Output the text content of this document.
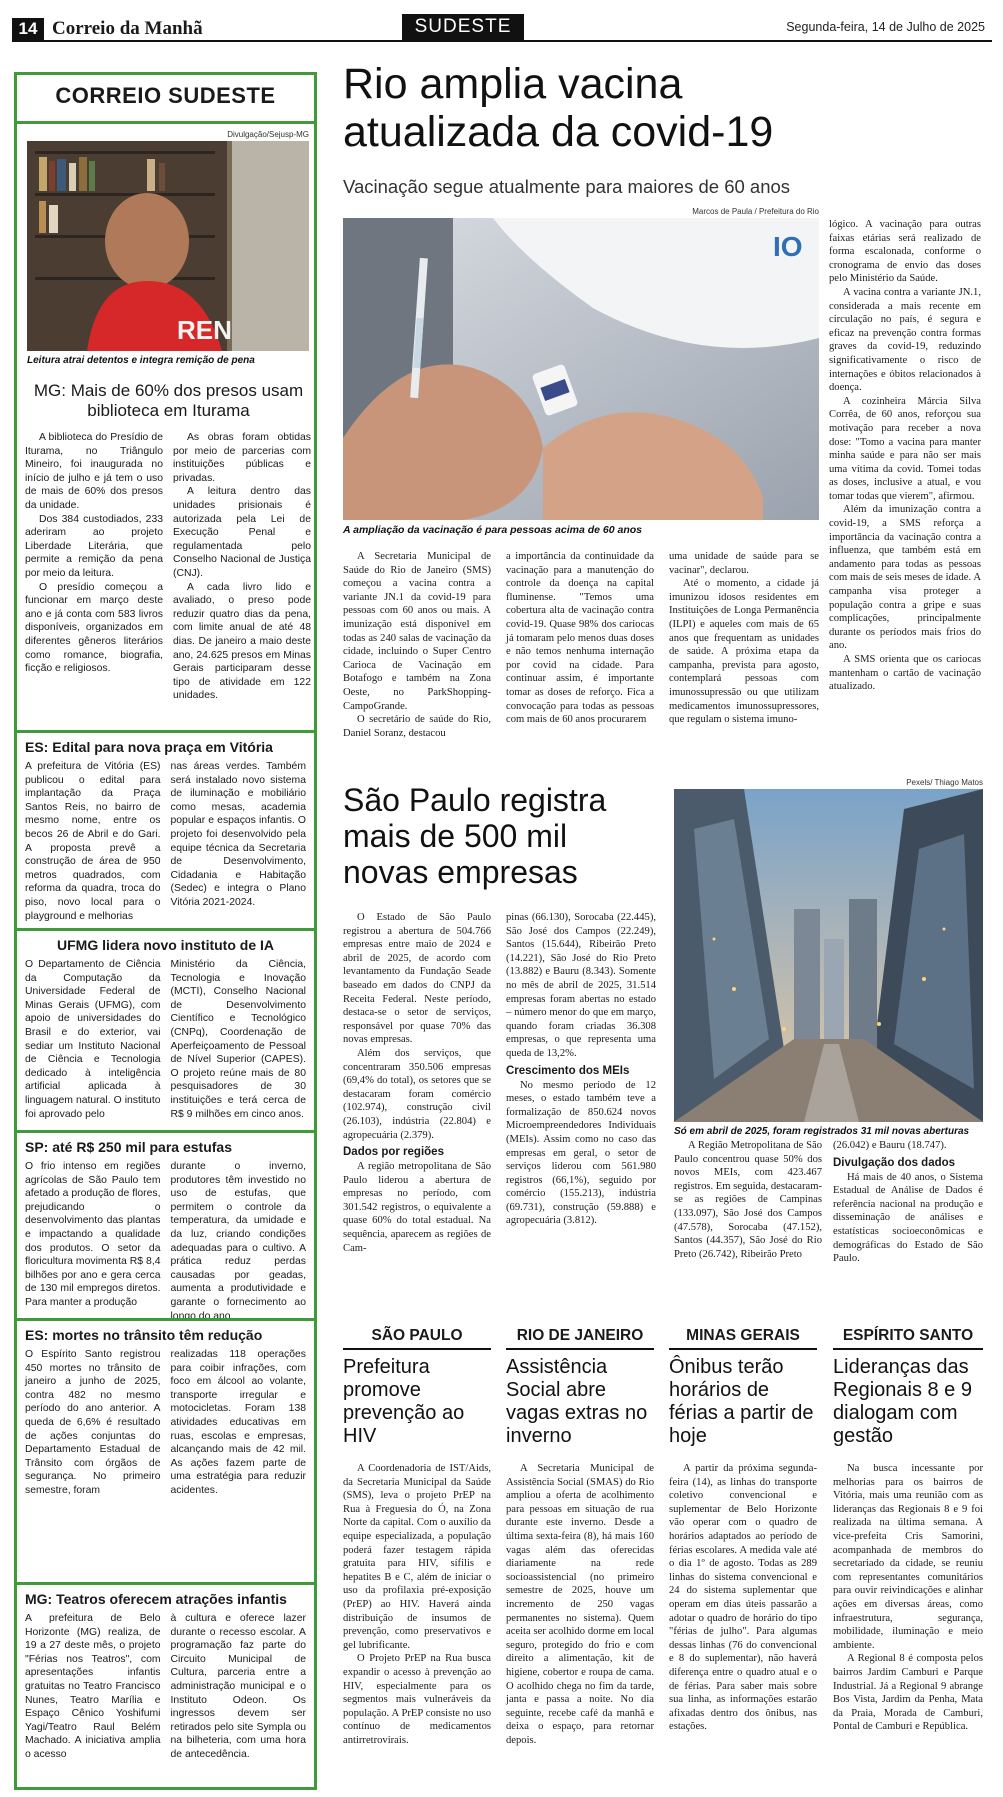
14 Correio da Manhã	SUDESTE	Segunda-feira, 14 de Julho de 2025
CORREIO SUDESTE
Divulgação/Sejusp-MG
REN
Leitura atrai detentos e integra remição de pena
MG: Mais de 60% dos presos usam biblioteca em Iturama

A biblioteca do Presídio de Iturama, no Triângulo Mineiro, foi inaugurada no início de julho e já tem o uso de mais de 60% dos presos da unidade.

Dos 384 custodiados, 233 aderiram ao projeto Liberdade Literária, que permite a remição da pena por meio da leitura.

O presídio começou a funcionar em março deste ano e já conta com 583 livros disponíveis, organizados em diferentes gêneros literários como romance, biografia, ficção e religiosos.

As obras foram obtidas por meio de parcerias com instituições públicas e privadas.

A leitura dentro das unidades prisionais é autorizada pela Lei de Execução Penal e regulamentada pelo Conselho Nacional de Justiça (CNJ).

A cada livro lido e avaliado, o preso pode reduzir quatro dias da pena, com limite anual de até 48 dias. De janeiro a maio deste ano, 24.625 presos em Minas Gerais participaram desse tipo de atividade em 122 unidades.

ES: Edital para nova praça em Vitória

A prefeitura de Vitória (ES) publicou o edital para implantação da Praça Santos Reis, no bairro de mesmo nome, entre os becos 26 de Abril e do Gari. A proposta prevê a construção de área de 950 metros quadrados, com reforma da quadra, troca do piso, novo local para o playground e melhorias

nas áreas verdes. Também será instalado novo sistema de iluminação e mobiliário como mesas, academia popular e espaços infantis. O projeto foi desenvolvido pela equipe técnica da Secretaria de Desenvolvimento, Cidadania e Habitação (Sedec) e integra o Plano Vitória 2021-2024.

UFMG lidera novo instituto de IA

O Departamento de Ciência da Computação da Universidade Federal de Minas Gerais (UFMG), com apoio de universidades do Brasil e do exterior, vai sediar um Instituto Nacional de Ciência e Tecnologia dedicado à inteligência artificial aplicada à linguagem natural. O instituto foi aprovado pelo

Ministério da Ciência, Tecnologia e Inovação (MCTI), Conselho Nacional de Desenvolvimento Científico e Tecnológico (CNPq), Coordenação de Aperfeiçoamento de Pessoal de Nível Superior (CAPES). O projeto reúne mais de 80 pesquisadores de 30 instituições e terá cerca de R$ 9 milhões em cinco anos.

SP: até R$ 250 mil para estufas

O frio intenso em regiões agrícolas de São Paulo tem afetado a produção de flores, prejudicando o desenvolvimento das plantas e impactando a qualidade dos produtos. O setor da floricultura movimenta R$ 8,4 bilhões por ano e gera cerca de 130 mil empregos diretos. Para manter a produção

durante o inverno, produtores têm investido no uso de estufas, que permitem o controle da temperatura, da umidade e da luz, criando condições adequadas para o cultivo. A prática reduz perdas causadas por geadas, aumenta a produtividade e garante o fornecimento ao longo do ano.

ES: mortes no trânsito têm redução

O Espírito Santo registrou 450 mortes no trânsito de janeiro a junho de 2025, contra 482 no mesmo período do ano anterior. A queda de 6,6% é resultado de ações conjuntas do Departamento Estadual de Trânsito com órgãos de segurança. No primeiro semestre, foram

realizadas 118 operações para coibir infrações, com foco em álcool ao volante, transporte irregular e motocicletas. Foram 138 atividades educativas em ruas, escolas e empresas, alcançando mais de 42 mil. As ações fazem parte de uma estratégia para reduzir acidentes.

MG: Teatros oferecem atrações infantis

A prefeitura de Belo Horizonte (MG) realiza, de 19 a 27 deste mês, o projeto "Férias nos Teatros", com apresentações infantis gratuitas no Teatro Francisco Nunes, Teatro Marília e Espaço Cênico Yoshifumi Yagi/Teatro Raul Belém Machado. A iniciativa amplia o acesso

à cultura e oferece lazer durante o recesso escolar. A programação faz parte do Circuito Municipal de Cultura, parceria entre a administração municipal e o Instituto Odeon. Os ingressos devem ser retirados pelo site Sympla ou na bilheteria, com uma hora de antecedência.

Rio amplia vacina
atualizada da covid-19
Vacinação segue atualmente para maiores de 60 anos
Marcos de Paula / Prefeitura do Rio
IO
A ampliação da vacinação é para pessoas acima de 60 anos

lógico. A vacinação para outras faixas etárias será realizado de forma escalonada, conforme o cronograma de envio das doses pelo Ministério da Saúde.

A vacina contra a variante JN.1, considerada a mais recente em circulação no país, é segura e eficaz na prevenção contra formas graves da covid-19, reduzindo significativamente o risco de internações e óbitos relacionados à doença.

A cozinheira Márcia Silva Corrêa, de 60 anos, reforçou sua motivação para receber a nova dose: "Tomo a vacina para manter minha saúde e para não ser mais uma vítima da covid. Tomei todas as doses, inclusive a atual, e vou tomar todas que vierem", afirmou.

Além da imunização contra a covid-19, a SMS reforça a importância da vacinação contra a influenza, que também está em andamento para todas as pessoas com mais de seis meses de idade. A campanha visa proteger a população contra a gripe e suas complicações, principalmente durante os períodos mais frios do ano.

A SMS orienta que os cariocas mantenham o cartão de vacinação atualizado.

A Secretaria Municipal de Saúde do Rio de Janeiro (SMS) começou a vacina contra a variante JN.1 da covid-19 para pessoas com 60 anos ou mais. A imunização está disponível em todas as 240 salas de vacinação da cidade, incluindo o Super Centro Carioca de Vacinação em Botafogo e também na Zona Oeste, no ParkShopping-CampoGrande.

O secretário de saúde do Rio, Daniel Soranz, destacou

a importância da continuidade da vacinação para a manutenção do controle da doença na capital fluminense. "Temos uma cobertura alta de vacinação contra covid-19. Quase 98% dos cariocas já tomaram pelo menos duas doses e não temos nenhuma internação por covid na cidade. Para continuar assim, é importante tomar as doses de reforço. Fica a convocação para todas as pessoas com mais de 60 anos procurarem

uma unidade de saúde para se vacinar", declarou.

Até o momento, a cidade já imunizou idosos residentes em Instituições de Longa Permanência (ILPI) e aqueles com mais de 65 anos que frequentam as unidades de saúde. A próxima etapa da campanha, prevista para agosto, contemplará pessoas com imunossupressão ou que utilizam medicamentos imunossupressores, que regulam o sistema imuno-

São Paulo registra
mais de 500 mil
novas empresas
Pexels/ Thiago Matos
Só em abril de 2025, foram registrados 31 mil novas aberturas

O Estado de São Paulo registrou a abertura de 504.766 empresas entre maio de 2024 e abril de 2025, de acordo com levantamento da Fundação Seade baseado em dados do CNPJ da Receita Federal. Neste período, destaca-se o setor de serviços, responsável por quase 70% das novas empresas.

Além dos serviços, que concentraram 350.506 empresas (69,4% do total), os setores que se destacaram foram comércio (102.974), construção civil (26.103), indústria (22.804) e agropecuária (2.379).

Dados por regiões

A região metropolitana de São Paulo liderou a abertura de empresas no período, com 301.542 registros, o equivalente a quase 60% do total estadual. Na sequência, aparecem as regiões de Cam-

pinas (66.130), Sorocaba (22.445), São José dos Campos (22.249), Santos (15.644), Ribeirão Preto (14.221), São José do Rio Preto (13.882) e Bauru (8.343). Somente no mês de abril de 2025, 31.514 empresas foram abertas no estado – número menor do que em março, quando foram criadas 36.308 empresas, o que representa uma queda de 13,2%.

Crescimento dos MEIs

No mesmo período de 12 meses, o estado também teve a formalização de 850.624 novos Microempreendedores Individuais (MEIs). Assim como no caso das empresas em geral, o setor de serviços liderou com 561.980 registros (66,1%), seguido por comércio (155.213), indústria (69.731), construção (59.888) e agropecuária (3.812).

A Região Metropolitana de São Paulo concentrou quase 50% dos novos MEIs, com 423.467 registros. Em seguida, destacaram-se as regiões de Campinas (133.097), São José dos Campos (47.578), Sorocaba (47.152), Santos (44.357), São José do Rio Preto (26.742), Ribeirão Preto

(26.042) e Bauru (18.747).

Divulgação dos dados

Há mais de 40 anos, o Sistema Estadual de Análise de Dados é referência nacional na produção e disseminação de análises e estatísticas socioeconômicas e demográficas do Estado de São Paulo.

SÃO PAULO
Prefeitura promove prevenção ao HIV

A Coordenadoria de IST/Aids, da Secretaria Municipal da Saúde (SMS), leva o projeto PrEP na Rua à Freguesia do Ó, na Zona Norte da capital. Com o auxílio da equipe especializada, a população poderá fazer testagem rápida gratuita para HIV, sífilis e hepatites B e C, além de iniciar o uso da profilaxia pré-exposição (PrEP) ao HIV. Haverá ainda distribuição de insumos de prevenção, como preservativos e gel lubrificante.

O Projeto PrEP na Rua busca expandir o acesso à prevenção ao HIV, especialmente para os segmentos mais vulneráveis da população. A PrEP consiste no uso contínuo de medicamentos antirretrovirais.

RIO DE JANEIRO
Assistência Social abre vagas extras no inverno

A Secretaria Municipal de Assistência Social (SMAS) do Rio ampliou a oferta de acolhimento para pessoas em situação de rua durante este inverno. Desde a última sexta-feira (8), há mais 160 vagas além das oferecidas diariamente na rede socioassistencial (no primeiro semestre de 2025, houve um incremento de 250 vagas permanentes no sistema). Quem aceita ser acolhido dorme em local seguro, protegido do frio e com direito a alimentação, kit de higiene, cobertor e roupa de cama. O acolhido chega no fim da tarde, janta e passa a noite. No dia seguinte, recebe café da manhã e deixa o espaço, para retornar depois.

MINAS GERAIS
Ônibus terão horários de férias a partir de hoje

A partir da próxima segunda-feira (14), as linhas do transporte coletivo convencional e suplementar de Belo Horizonte vão operar com o quadro de horários adaptados ao período de férias escolares. A medida vale até o dia 1º de agosto. Todas as 289 linhas do sistema convencional e 24 do sistema suplementar que operam em dias úteis passarão a adotar o quadro de horário do tipo "férias de julho". Para algumas dessas linhas (76 do convencional e 8 do suplementar), não haverá diferença entre o quadro atual e o de férias. Para saber mais sobre sua linha, as informações estarão afixadas dentro dos ônibus, nas estações.

ESPÍRITO SANTO
Lideranças das Regionais 8 e 9 dialogam com gestão

Na busca incessante por melhorias para os bairros de Vitória, mais uma reunião com as lideranças das Regionais 8 e 9 foi realizada na última semana. A vice-prefeita Cris Samorini, acompanhada de membros do secretariado da cidade, se reuniu com representantes comunitários para ouvir reivindicações e alinhar ações em diversas áreas, como infraestrutura, segurança, mobilidade, iluminação e meio ambiente.

A Regional 8 é composta pelos bairros Jardim Camburi e Parque Industrial. Já a Regional 9 abrange Bos Vista, Jardim da Penha, Mata da Praia, Morada de Camburi, Pontal de Camburi e República.
